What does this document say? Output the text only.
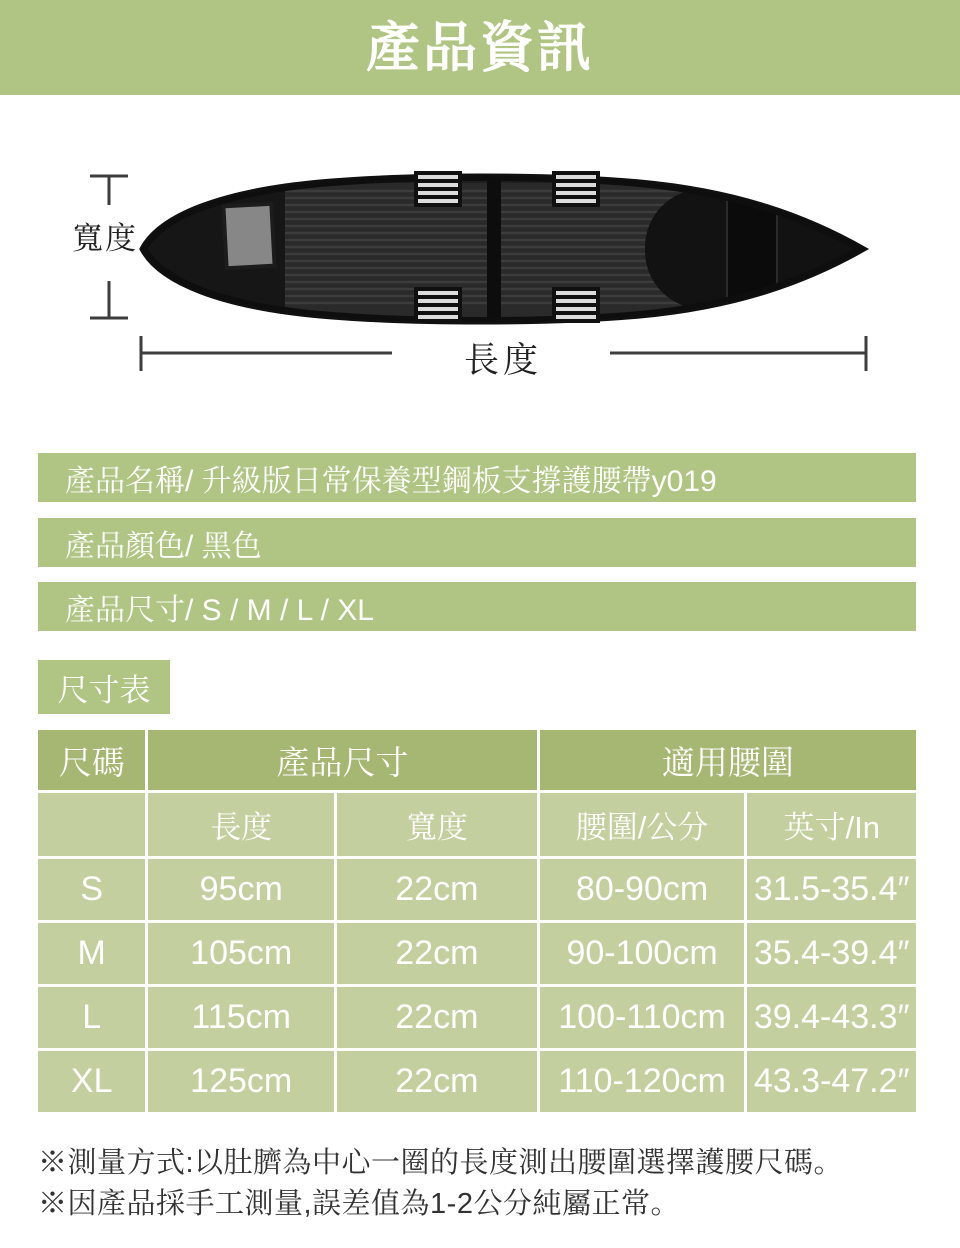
產品資訊
寬度
長度
產品名稱/ 升級版日常保養型鋼板支撐護腰帶y019
產品顏色/ 黑色
產品尺寸/ S / M / L / XL
尺寸表
尺碼	產品尺寸		適用腰圍	
	長度	寬度	腰圍/公分	英寸/In
S	95cm	22cm	80-90cm	31.5-35.4″
M	105cm	22cm	90-100cm	35.4-39.4″
L	115cm	22cm	100-110cm	39.4-43.3″
XL	125cm	22cm	110-120cm	43.3-47.2″

※測量方式:以肚臍為中心一圈的長度測出腰圍選擇護腰尺碼。

※因產品採手工測量,誤差值為1-2公分純屬正常。
